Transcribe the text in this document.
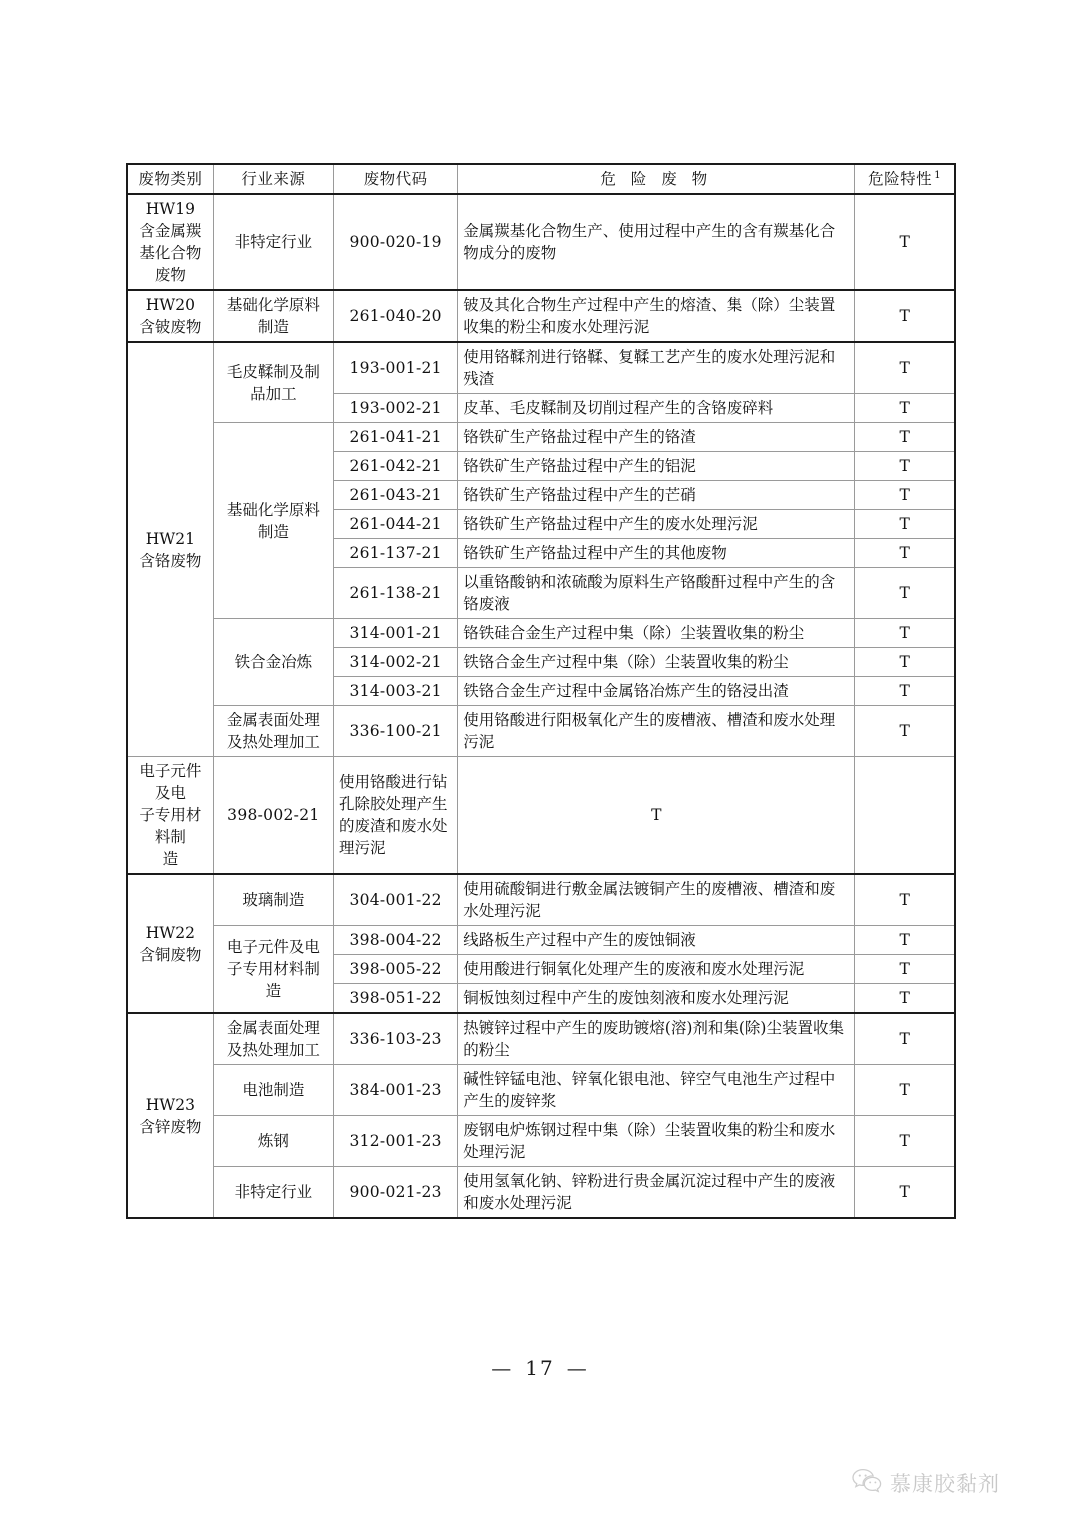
废物类别	行业来源	废物代码	危 险 废 物	危险特性 $^1$
HW19
含金属羰
基化合物
废物	非特定行业	900-020-19	金属羰基化合物生产、使用过程中产生的含有羰基化合物成分的废物	T
HW20
含铍废物	基础化学原料
制造	261-040-20	铍及其化合物生产过程中产生的熔渣、集（除）尘装置收集的粉尘和废水处理污泥	T
HW21
含铬废物	毛皮鞣制及制
品加工	193-001-21	使用铬鞣剂进行铬鞣、复鞣工艺产生的废水处理污泥和残渣	T
		193-002-21	皮革、毛皮鞣制及切削过程产生的含铬废碎料	T
	基础化学原料
制造	261-041-21	铬铁矿生产铬盐过程中产生的铬渣	T
		261-042-21	铬铁矿生产铬盐过程中产生的铝泥	T
		261-043-21	铬铁矿生产铬盐过程中产生的芒硝	T
		261-044-21	铬铁矿生产铬盐过程中产生的废水处理污泥	T
		261-137-21	铬铁矿生产铬盐过程中产生的其他废物	T
		261-138-21	以重铬酸钠和浓硫酸为原料生产铬酸酐过程中产生的含铬废液	T
	铁合金冶炼	314-001-21	铬铁硅合金生产过程中集（除）尘装置收集的粉尘	T
		314-002-21	铁铬合金生产过程中集（除）尘装置收集的粉尘	T
		314-003-21	铁铬合金生产过程中金属铬冶炼产生的铬浸出渣	T
	金属表面处理
及热处理加工	336-100-21	使用铬酸进行阳极氧化产生的废槽液、槽渣和废水处理污泥	T
电子元件及电
子专用材料制
造	398-002-21	使用铬酸进行钻孔除胶处理产生的废渣和废水处理污泥	T	
HW22
含铜废物	玻璃制造	304-001-22	使用硫酸铜进行敷金属法镀铜产生的废槽液、槽渣和废水处理污泥	T
	电子元件及电
子专用材料制
造	398-004-22	线路板生产过程中产生的废蚀铜液	T
		398-005-22	使用酸进行铜氧化处理产生的废液和废水处理污泥	T
		398-051-22	铜板蚀刻过程中产生的废蚀刻液和废水处理污泥	T
HW23
含锌废物	金属表面处理
及热处理加工	336-103-23	热镀锌过程中产生的废助镀熔(溶)剂和集(除)尘装置收集的粉尘	T
	电池制造	384-001-23	碱性锌锰电池、锌氧化银电池、锌空气电池生产过程中产生的废锌浆	T
	炼钢	312-001-23	废钢电炉炼钢过程中集（除）尘装置收集的粉尘和废水处理污泥	T
	非特定行业	900-021-23	使用氢氧化钠、锌粉进行贵金属沉淀过程中产生的废液和废水处理污泥	T
— 17 —
慕康胶黏剂
